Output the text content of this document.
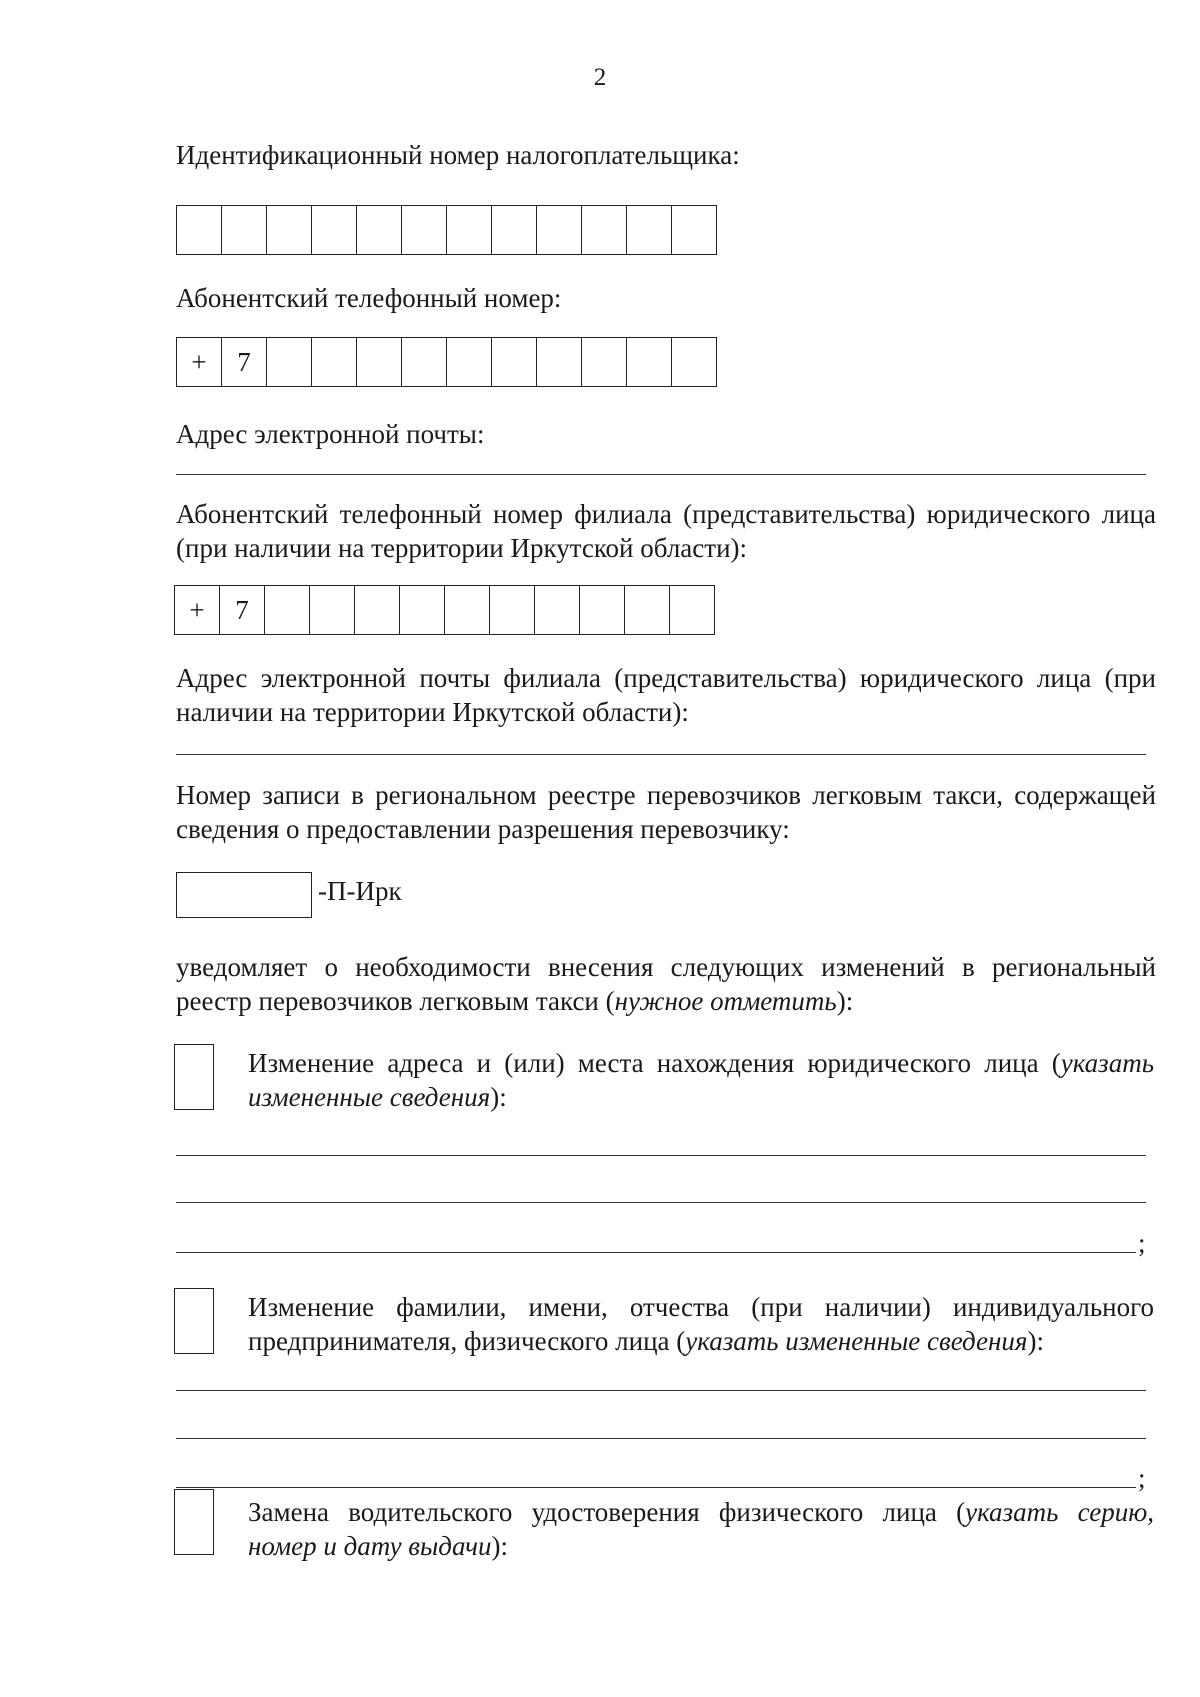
2
Идентификационный номер налогоплательщика:
Абонентский телефонный номер:
+	7
Адрес электронной почты:
Абонентский телефонный номер филиала (представительства) юридического лица (при наличии на территории Иркутской области):
+	7
Адрес электронной почты филиала (представительства) юридического лица (при наличии на территории Иркутской области):
Номер записи в региональном реестре перевозчиков легковым такси, содержащей сведения о предоставлении разрешения перевозчику:
-П-Ирк
уведомляет о необходимости внесения следующих изменений в региональный реестр перевозчиков легковым такси (нужное отметить):
Изменение адреса и (или) места нахождения юридического лица (указать измененные сведения):
;
Изменение фамилии, имени, отчества (при наличии) индивидуального предпринимателя, физического лица (указать измененные сведения):
;
Замена водительского удостоверения физического лица (указать серию, номер и дату выдачи):
